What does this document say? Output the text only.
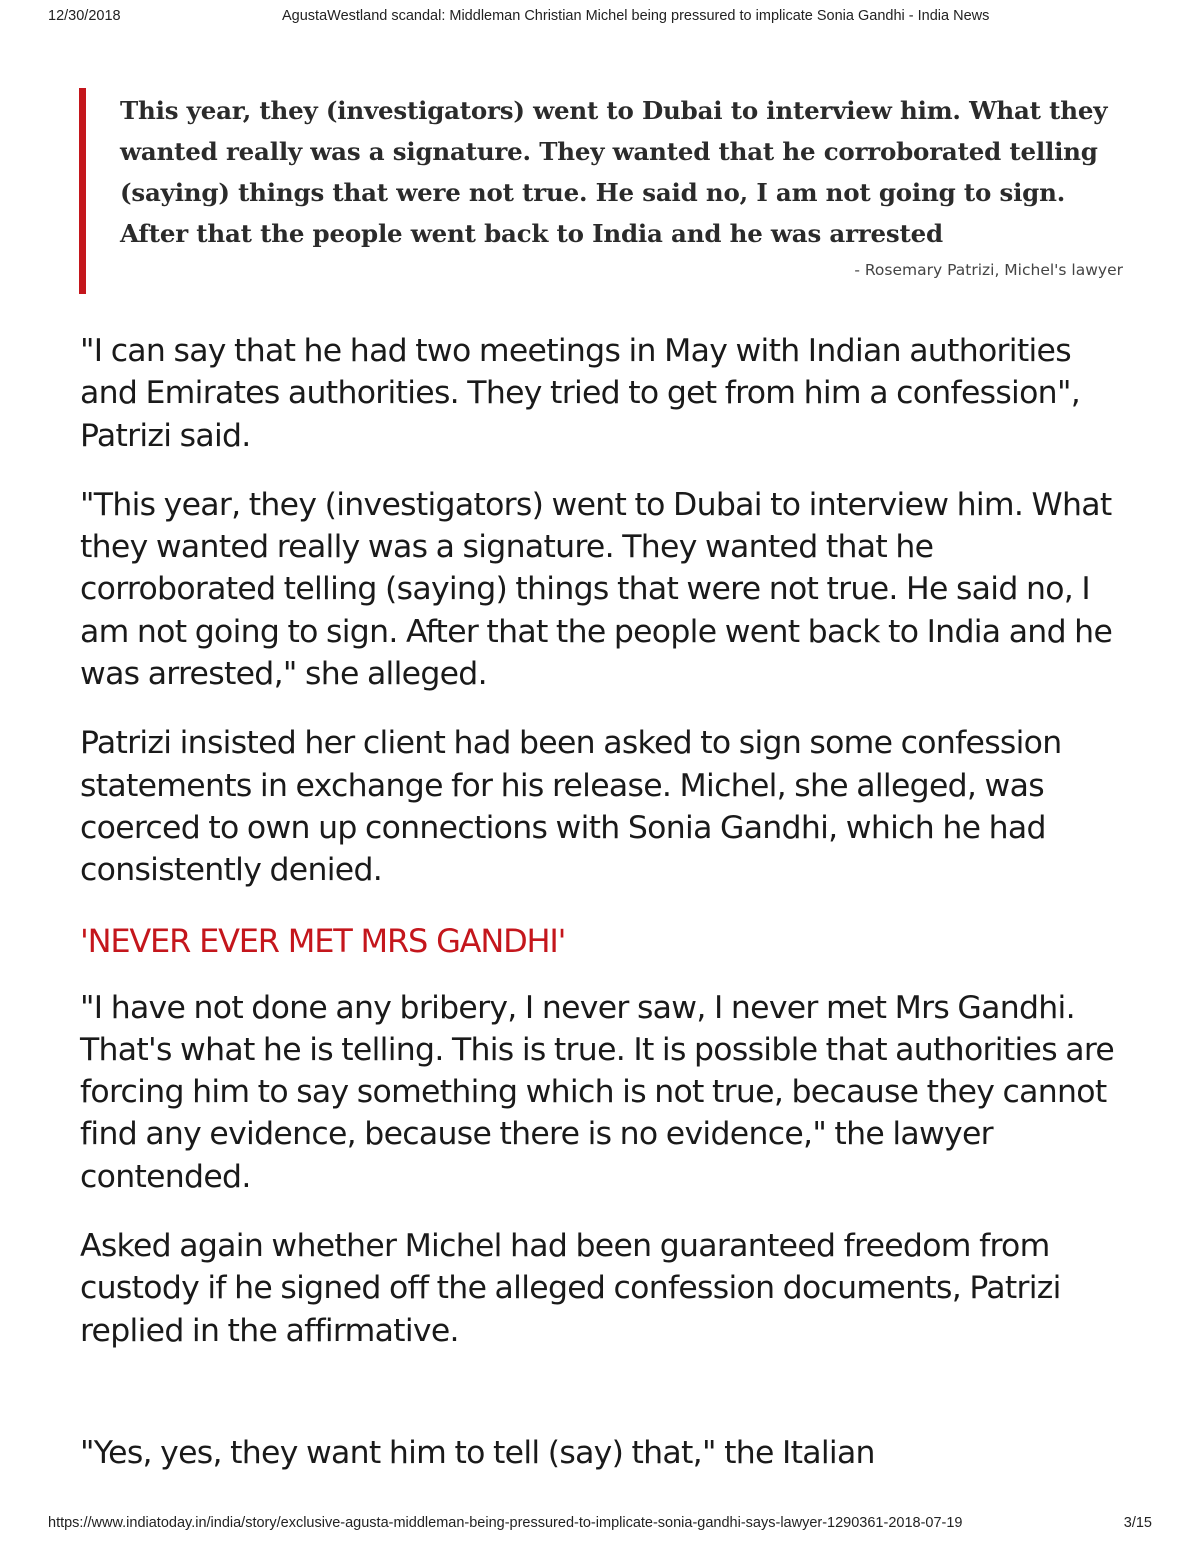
12/30/2018	AgustaWestland scandal: Middleman Christian Michel being pressured to implicate Sonia Gandhi - India News

This year, they (investigators) went to Dubai to interview him. What they wanted really was a signature. They wanted that he corroborated telling (saying) things that were not true. He said no, I am not going to sign. After that the people went back to India and he was arrested

- Rosemary Patrizi, Michel's lawyer

"I can say that he had two meetings in May with Indian authorities and Emirates authorities. They tried to get from him a confession", Patrizi said.

"This year, they (investigators) went to Dubai to interview him. What they wanted really was a signature. They wanted that he corroborated telling (saying) things that were not true. He said no, I am not going to sign. After that the people went back to India and he was arrested," she alleged.

Patrizi insisted her client had been asked to sign some confession statements in exchange for his release. Michel, she alleged, was coerced to own up connections with Sonia Gandhi, which he had consistently denied.

'NEVER EVER MET MRS GANDHI'

"I have not done any bribery, I never saw, I never met Mrs Gandhi. That's what he is telling. This is true. It is possible that authorities are forcing him to say something which is not true, because they cannot find any evidence, because there is no evidence," the lawyer contended.

Asked again whether Michel had been guaranteed freedom from custody if he signed off the alleged confession documents, Patrizi replied in the affirmative.

"Yes, yes, they want him to tell (say) that," the Italian

https://www.indiatoday.in/india/story/exclusive-agusta-middleman-being-pressured-to-implicate-sonia-gandhi-says-lawyer-1290361-2018-07-19	3/15
